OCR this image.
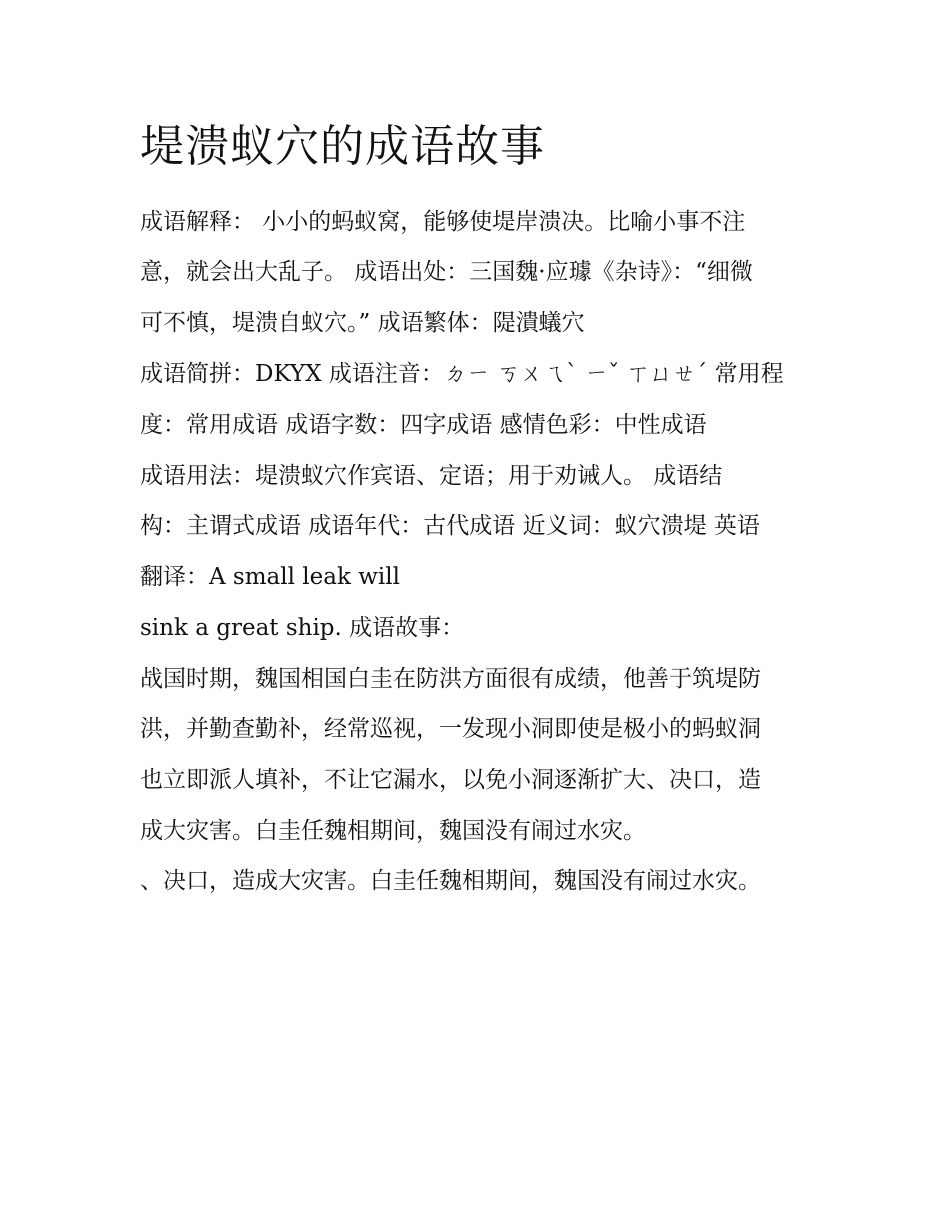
堤溃蚁穴的成语故事
成语解释： 小小的蚂蚁窝，能够使堤岸溃决。比喻小事不注
意，就会出大乱子。 成语出处：三国魏·应璩《杂诗》：“细微
可不慎，堤溃自蚁穴。” 成语繁体：隄潰蟻穴
成语简拼：DKYX 成语注音：ㄉㄧ ㄎㄨㄟˋ ㄧˇ ㄒㄩㄝˊ 常用程
度：常用成语 成语字数：四字成语 感情色彩：中性成语
成语用法：堤溃蚁穴作宾语、定语；用于劝诫人。 成语结
构：主谓式成语 成语年代：古代成语 近义词：蚁穴溃堤 英语
翻译：A small leak will
sink a great ship. 成语故事：
战国时期，魏国相国白圭在防洪方面很有成绩，他善于筑堤防
洪，并勤查勤补，经常巡视，一发现小洞即使是极小的蚂蚁洞
也立即派人填补，不让它漏水，以免小洞逐渐扩大、决口，造
成大灾害。白圭任魏相期间，魏国没有闹过水灾。
、决口，造成大灾害。白圭任魏相期间，魏国没有闹过水灾。
